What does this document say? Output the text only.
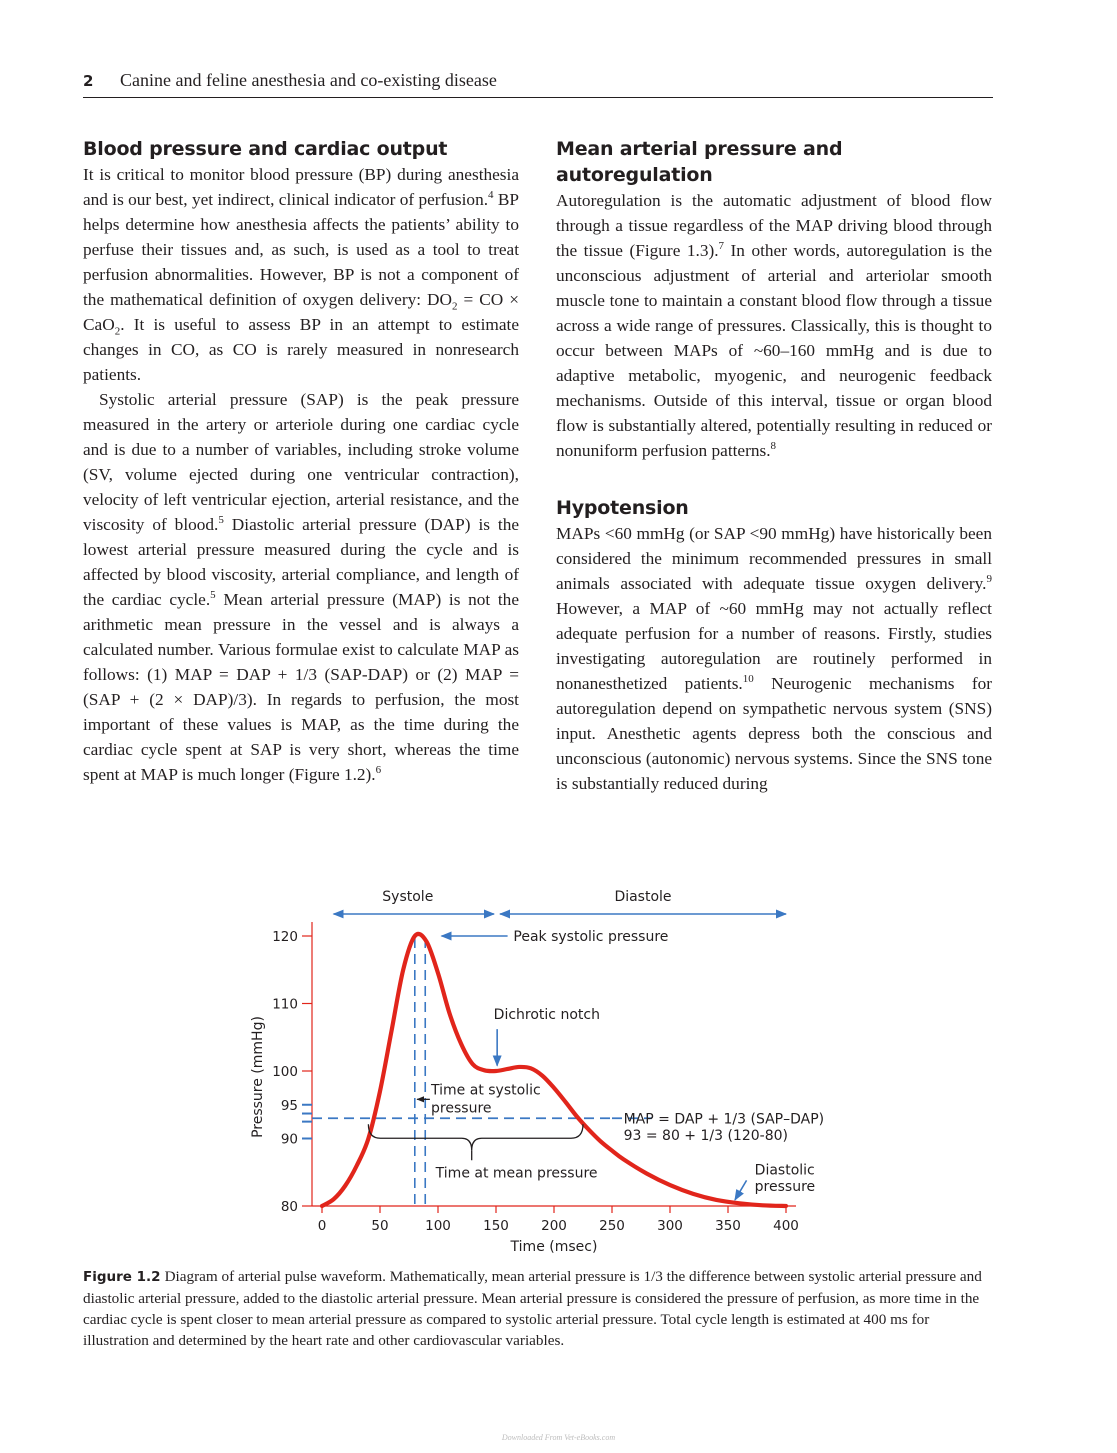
2 Canine and feline anesthesia and co-existing disease
Blood pressure and cardiac output

It is critical to monitor blood pressure (BP) during anesthesia and is our best, yet indirect, clinical indicator of perfusion.$^4$ BP helps determine how anesthesia affects the patients’ ability to perfuse their tissues and, as such, is used as a tool to treat perfusion abnormalities. However, BP is not a component of the mathematical definition of oxygen delivery: $DO_2$ = CO × CaO$_2$. It is useful to assess BP in an attempt to estimate changes in CO, as CO is rarely measured in nonresearch patients.

Systolic arterial pressure (SAP) is the peak pressure measured in the artery or arteriole during one cardiac cycle and is due to a number of variables, including stroke volume (SV, volume ejected during one ventricular contraction), velocity of left ventricular ejection, arterial resistance, and the viscosity of blood.$^5$ Diastolic arterial pressure (DAP) is the lowest arterial pressure measured during the cycle and is affected by blood viscosity, arterial compliance, and length of the cardiac cycle.$^5$ Mean arterial pressure (MAP) is not the arithmetic mean pressure in the vessel and is always a calculated number. Various formulae exist to calculate MAP as follows: (1) MAP = DAP + 1/3 (SAP-DAP) or (2) MAP = (SAP + (2 × DAP)/3). In regards to perfusion, the most important of these values is MAP, as the time during the cardiac cycle spent at SAP is very short, whereas the time spent at MAP is much longer (Figure 1.2).$^6$

Mean arterial pressure and autoregulation

Autoregulation is the automatic adjustment of blood flow through a tissue regardless of the MAP driving blood through the tissue (Figure 1.3).$^7$ In other words, autoregulation is the unconscious adjustment of arterial and arteriolar smooth muscle tone to maintain a constant blood flow through a tissue across a wide range of pressures. Classically, this is thought to occur between MAPs of ~60–160 mmHg and is due to adaptive metabolic, myogenic, and neurogenic feedback mechanisms. Outside of this interval, tissue or organ blood flow is substantially altered, potentially resulting in reduced or nonuniform perfusion patterns.$^8$

Hypotension

MAPs <60 mmHg (or SAP <90 mmHg) have historically been considered the minimum recommended pressures in small animals associated with adequate tissue oxygen delivery.$^9$ However, a MAP of ~60 mmHg may not actually reflect adequate perfusion for a number of reasons. Firstly, studies investigating autoregulation are routinely performed in nonanesthetized patients.$^{10}$ Neurogenic mechanisms for autoregulation depend on sympathetic nervous system (SNS) input. Anesthetic agents depress both the conscious and unconscious (autonomic) nervous systems. Since the SNS tone is substantially reduced during

80
90
95
100
110
120
0	50	100 150 200 250 300 350 400
Time (msec)
Pressure (mmHg)
Systole	Diastole
Peak systolic pressure
Dichrotic notch
Time at systolic
pressure
MAP = DAP + 1/3 (SAP–DAP)
93 = 80 + 1/3 (120-80)
Time at mean pressure	Diastolic
pressure
Figure 1.2 Diagram of arterial pulse waveform. Mathematically, mean arterial pressure is 1/3 the difference between systolic arterial pressure and diastolic arterial pressure, added to the diastolic arterial pressure. Mean arterial pressure is considered the pressure of perfusion, as more time in the cardiac cycle is spent closer to mean arterial pressure as compared to systolic arterial pressure. Total cycle length is estimated at 400 ms for illustration and determined by the heart rate and other cardiovascular variables.
Downloaded From Vet-eBooks.com
